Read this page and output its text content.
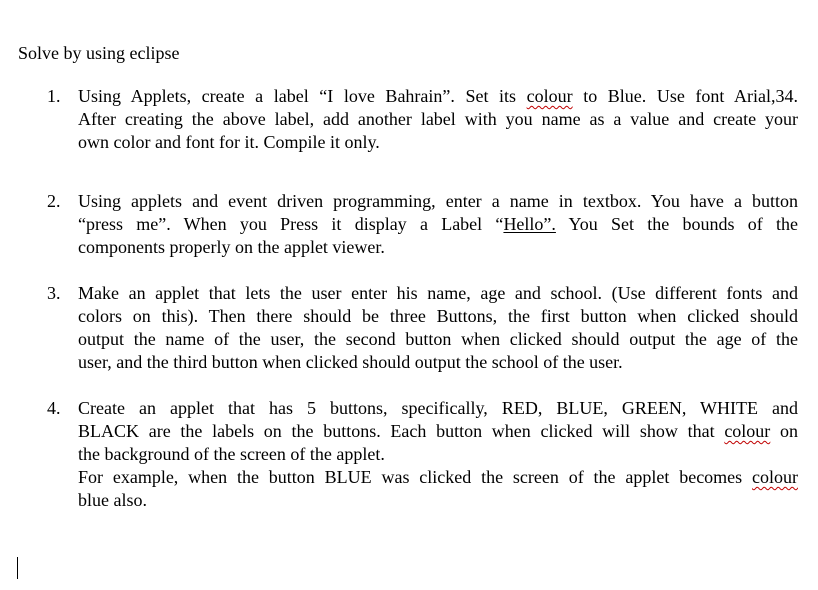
Solve by using eclipse
1. Using Applets, create a label “I love Bahrain”. Set its colour to Blue. Use font Arial,34.
After creating the above label, add another label with you name as a value and create your
own color and font for it. Compile it only.
2. Using applets and event driven programming, enter a name in textbox. You have a button
“press me”. When you Press it display a Label “Hello”. You Set the bounds of the
components properly on the applet viewer.
3. Make an applet that lets the user enter his name, age and school. (Use different fonts and
colors on this). Then there should be three Buttons, the first button when clicked should
output the name of the user, the second button when clicked should output the age of the
user, and the third button when clicked should output the school of the user.
4. Create an applet that has 5 buttons, specifically, RED, BLUE, GREEN, WHITE and
BLACK are the labels on the buttons. Each button when clicked will show that colour on
the background of the screen of the applet.
For example, when the button BLUE was clicked the screen of the applet becomes colour
blue also.
